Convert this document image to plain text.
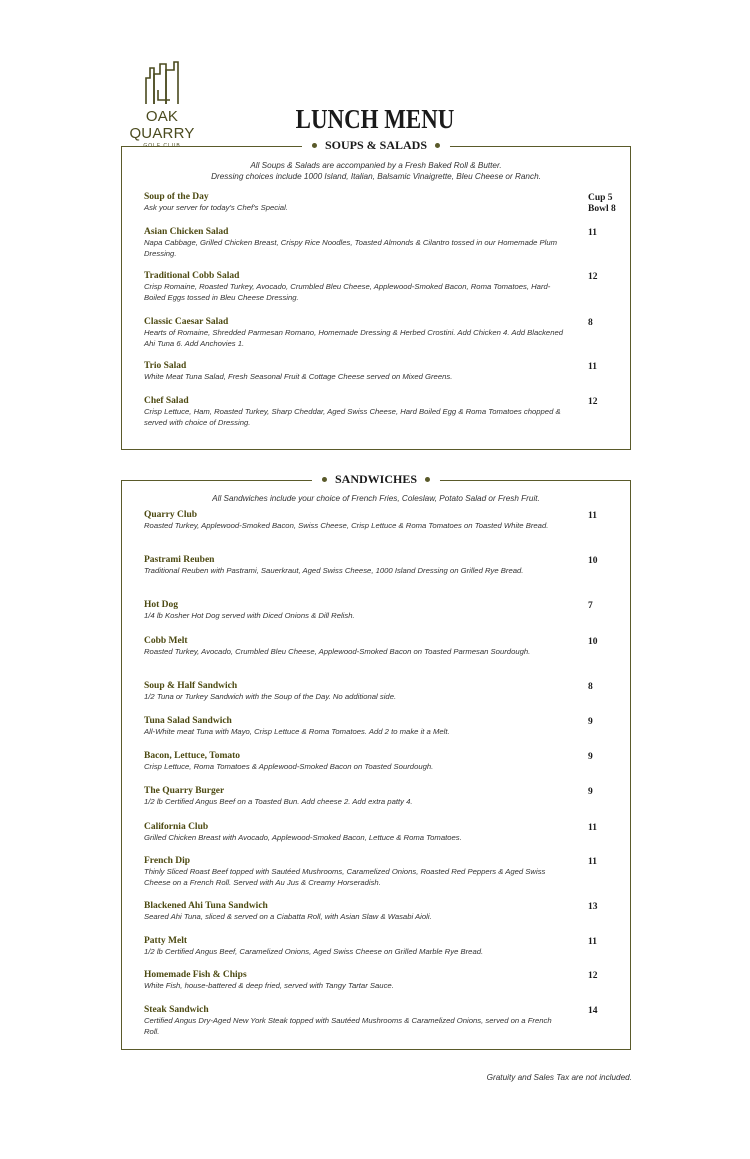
OAK QUARRY
GOLF CLUB
LUNCH MENU
SOUPS & SALADS
All Soups & Salads are accompanied by a Fresh Baked Roll & Butter.
Dressing choices include 1000 Island, Italian, Balsamic Vinaigrette, Bleu Cheese or Ranch.
Soup of the Day
Ask your server for today's Chef's Special.
Cup 5
Bowl 8
Asian Chicken Salad
Napa Cabbage, Grilled Chicken Breast, Crispy Rice Noodles, Toasted Almonds & Cilantro tossed in our Homemade Plum Dressing.
11
Traditional Cobb Salad
Crisp Romaine, Roasted Turkey, Avocado, Crumbled Bleu Cheese, Applewood-Smoked Bacon, Roma Tomatoes, Hard-Boiled Eggs tossed in Bleu Cheese Dressing.
12
Classic Caesar Salad
Hearts of Romaine, Shredded Parmesan Romano, Homemade Dressing & Herbed Crostini. Add Chicken 4. Add Blackened Ahi Tuna 6. Add Anchovies 1.
8
Trio Salad
White Meat Tuna Salad, Fresh Seasonal Fruit & Cottage Cheese served on Mixed Greens.
11
Chef Salad
Crisp Lettuce, Ham, Roasted Turkey, Sharp Cheddar, Aged Swiss Cheese, Hard Boiled Egg & Roma Tomatoes chopped & served with choice of Dressing.
12
SANDWICHES
All Sandwiches include your choice of French Fries, Coleslaw, Potato Salad or Fresh Fruit.
Quarry Club
Roasted Turkey, Applewood-Smoked Bacon, Swiss Cheese, Crisp Lettuce & Roma Tomatoes on Toasted White Bread.
11
Pastrami Reuben
Traditional Reuben with Pastrami, Sauerkraut, Aged Swiss Cheese, 1000 Island Dressing on Grilled Rye Bread.
10
Hot Dog
1/4 lb Kosher Hot Dog served with Diced Onions & Dill Relish.
7
Cobb Melt
Roasted Turkey, Avocado, Crumbled Bleu Cheese, Applewood-Smoked Bacon on Toasted Parmesan Sourdough.
10
Soup & Half Sandwich
1/2 Tuna or Turkey Sandwich with the Soup of the Day. No additional side.
8
Tuna Salad Sandwich
All-White meat Tuna with Mayo, Crisp Lettuce & Roma Tomatoes. Add 2 to make it a Melt.
9
Bacon, Lettuce, Tomato
Crisp Lettuce, Roma Tomatoes & Applewood-Smoked Bacon on Toasted Sourdough.
9
The Quarry Burger
1/2 lb Certified Angus Beef on a Toasted Bun. Add cheese 2. Add extra patty 4.
9
California Club
Grilled Chicken Breast with Avocado, Applewood-Smoked Bacon, Lettuce & Roma Tomatoes.
11
French Dip
Thinly Sliced Roast Beef topped with Sautéed Mushrooms, Caramelized Onions, Roasted Red Peppers & Aged Swiss Cheese on a French Roll. Served with Au Jus & Creamy Horseradish.
11
Blackened Ahi Tuna Sandwich
Seared Ahi Tuna, sliced & served on a Ciabatta Roll, with Asian Slaw & Wasabi Aioli.
13
Patty Melt
1/2 lb Certified Angus Beef, Caramelized Onions, Aged Swiss Cheese on Grilled Marble Rye Bread.
11
Homemade Fish & Chips
White Fish, house-battered & deep fried, served with Tangy Tartar Sauce.
12
Steak Sandwich
Certified Angus Dry-Aged New York Steak topped with Sautéed Mushrooms & Caramelized Onions, served on a French Roll.
14
Gratuity and Sales Tax are not included.
